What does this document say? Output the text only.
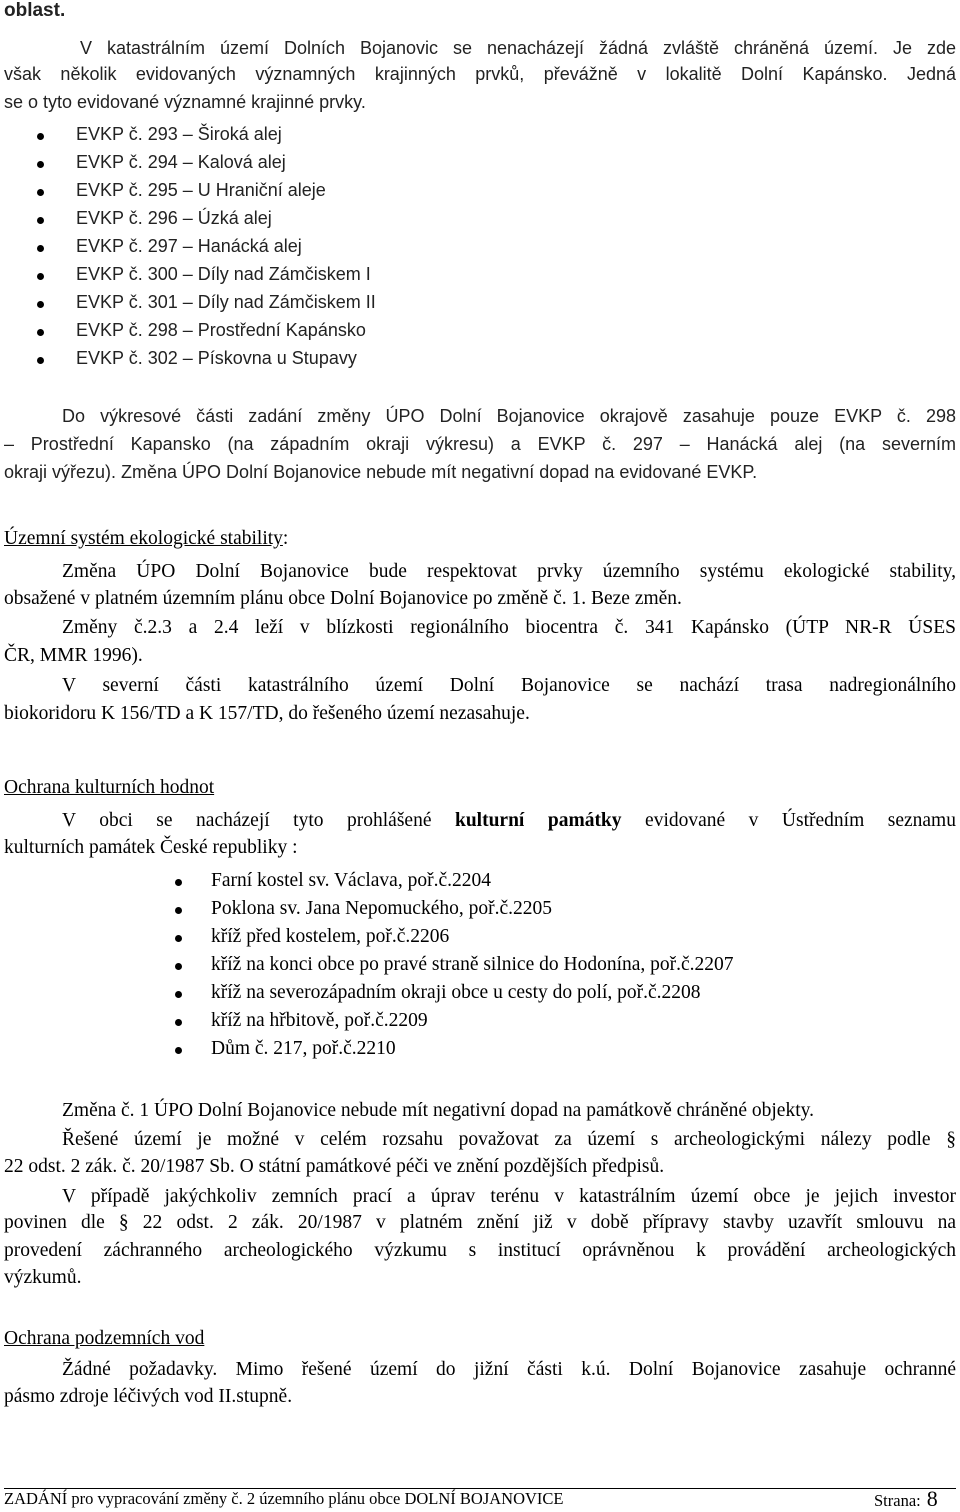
oblast.
V katastrálním území Dolních Bojanovic se nenacházejí žádná zvláště chráněná území. Je zde
však několik evidovaných významných krajinných prvků, převážně v lokalitě Dolní Kapánsko. Jedná
se o tyto evidované významné krajinné prvky.
EVKP č. 293 – Široká alej
EVKP č. 294 – Kalová alej
EVKP č. 295 – U Hraniční aleje
EVKP č. 296 – Úzká alej
EVKP č. 297 – Hanácká alej
EVKP č. 300 – Díly nad Zámčiskem I
EVKP č. 301 – Díly nad Zámčiskem II
EVKP č. 298 – Prostřední Kapánsko
EVKP č. 302 – Pískovna u Stupavy
Do výkresové části zadání změny ÚPO Dolní Bojanovice okrajově zasahuje pouze EVKP č. 298
– Prostřední Kapansko (na západním okraji výkresu) a EVKP č. 297 – Hanácká alej (na severním
okraji výřezu). Změna ÚPO Dolní Bojanovice nebude mít negativní dopad na evidované EVKP.
Územní systém ekologické stability:
Změna ÚPO Dolní Bojanovice bude respektovat prvky územního systému ekologické stability,
obsažené v platném územním plánu obce Dolní Bojanovice po změně č. 1. Beze změn.
Změny č.2.3 a 2.4 leží v blízkosti regionálního biocentra č. 341 Kapánsko (ÚTP NR-R ÚSES
ČR, MMR 1996).
V severní části katastrálního území Dolní Bojanovice se nachází trasa nadregionálního
biokoridoru K 156/TD a K 157/TD, do řešeného území nezasahuje.
Ochrana kulturních hodnot
V obci se nacházejí tyto prohlášené kulturní památky evidované v Ústředním seznamu
kulturních památek České republiky :
Farní kostel sv. Václava, poř.č.2204
Poklona sv. Jana Nepomuckého, poř.č.2205
kříž před kostelem, poř.č.2206
kříž na konci obce po pravé straně silnice do Hodonína, poř.č.2207
kříž na severozápadním okraji obce u cesty do polí, poř.č.2208
kříž na hřbitově, poř.č.2209
Dům č. 217, poř.č.2210
Změna č. 1 ÚPO Dolní Bojanovice nebude mít negativní dopad na památkově chráněné objekty.
Řešené území je možné v celém rozsahu považovat za území s archeologickými nálezy podle §
22 odst. 2 zák. č. 20/1987 Sb. O státní památkové péči ve znění pozdějších předpisů.
V případě jakýchkoliv zemních prací a úprav terénu v katastrálním území obce je jejich investor
povinen dle § 22 odst. 2 zák. 20/1987 v platném znění již v době přípravy stavby uzavřít smlouvu na
provedení záchranného archeologického výzkumu s institucí oprávněnou k provádění archeologických
výzkumů.
Ochrana podzemních vod
Žádné požadavky. Mimo řešené území do jižní části k.ú. Dolní Bojanovice zasahuje ochranné
pásmo zdroje léčivých vod II.stupně.
ZADÁNÍ pro vypracování změny č. 2 územního plánu obce DOLNÍ BOJANOVICE	Strana: 8
